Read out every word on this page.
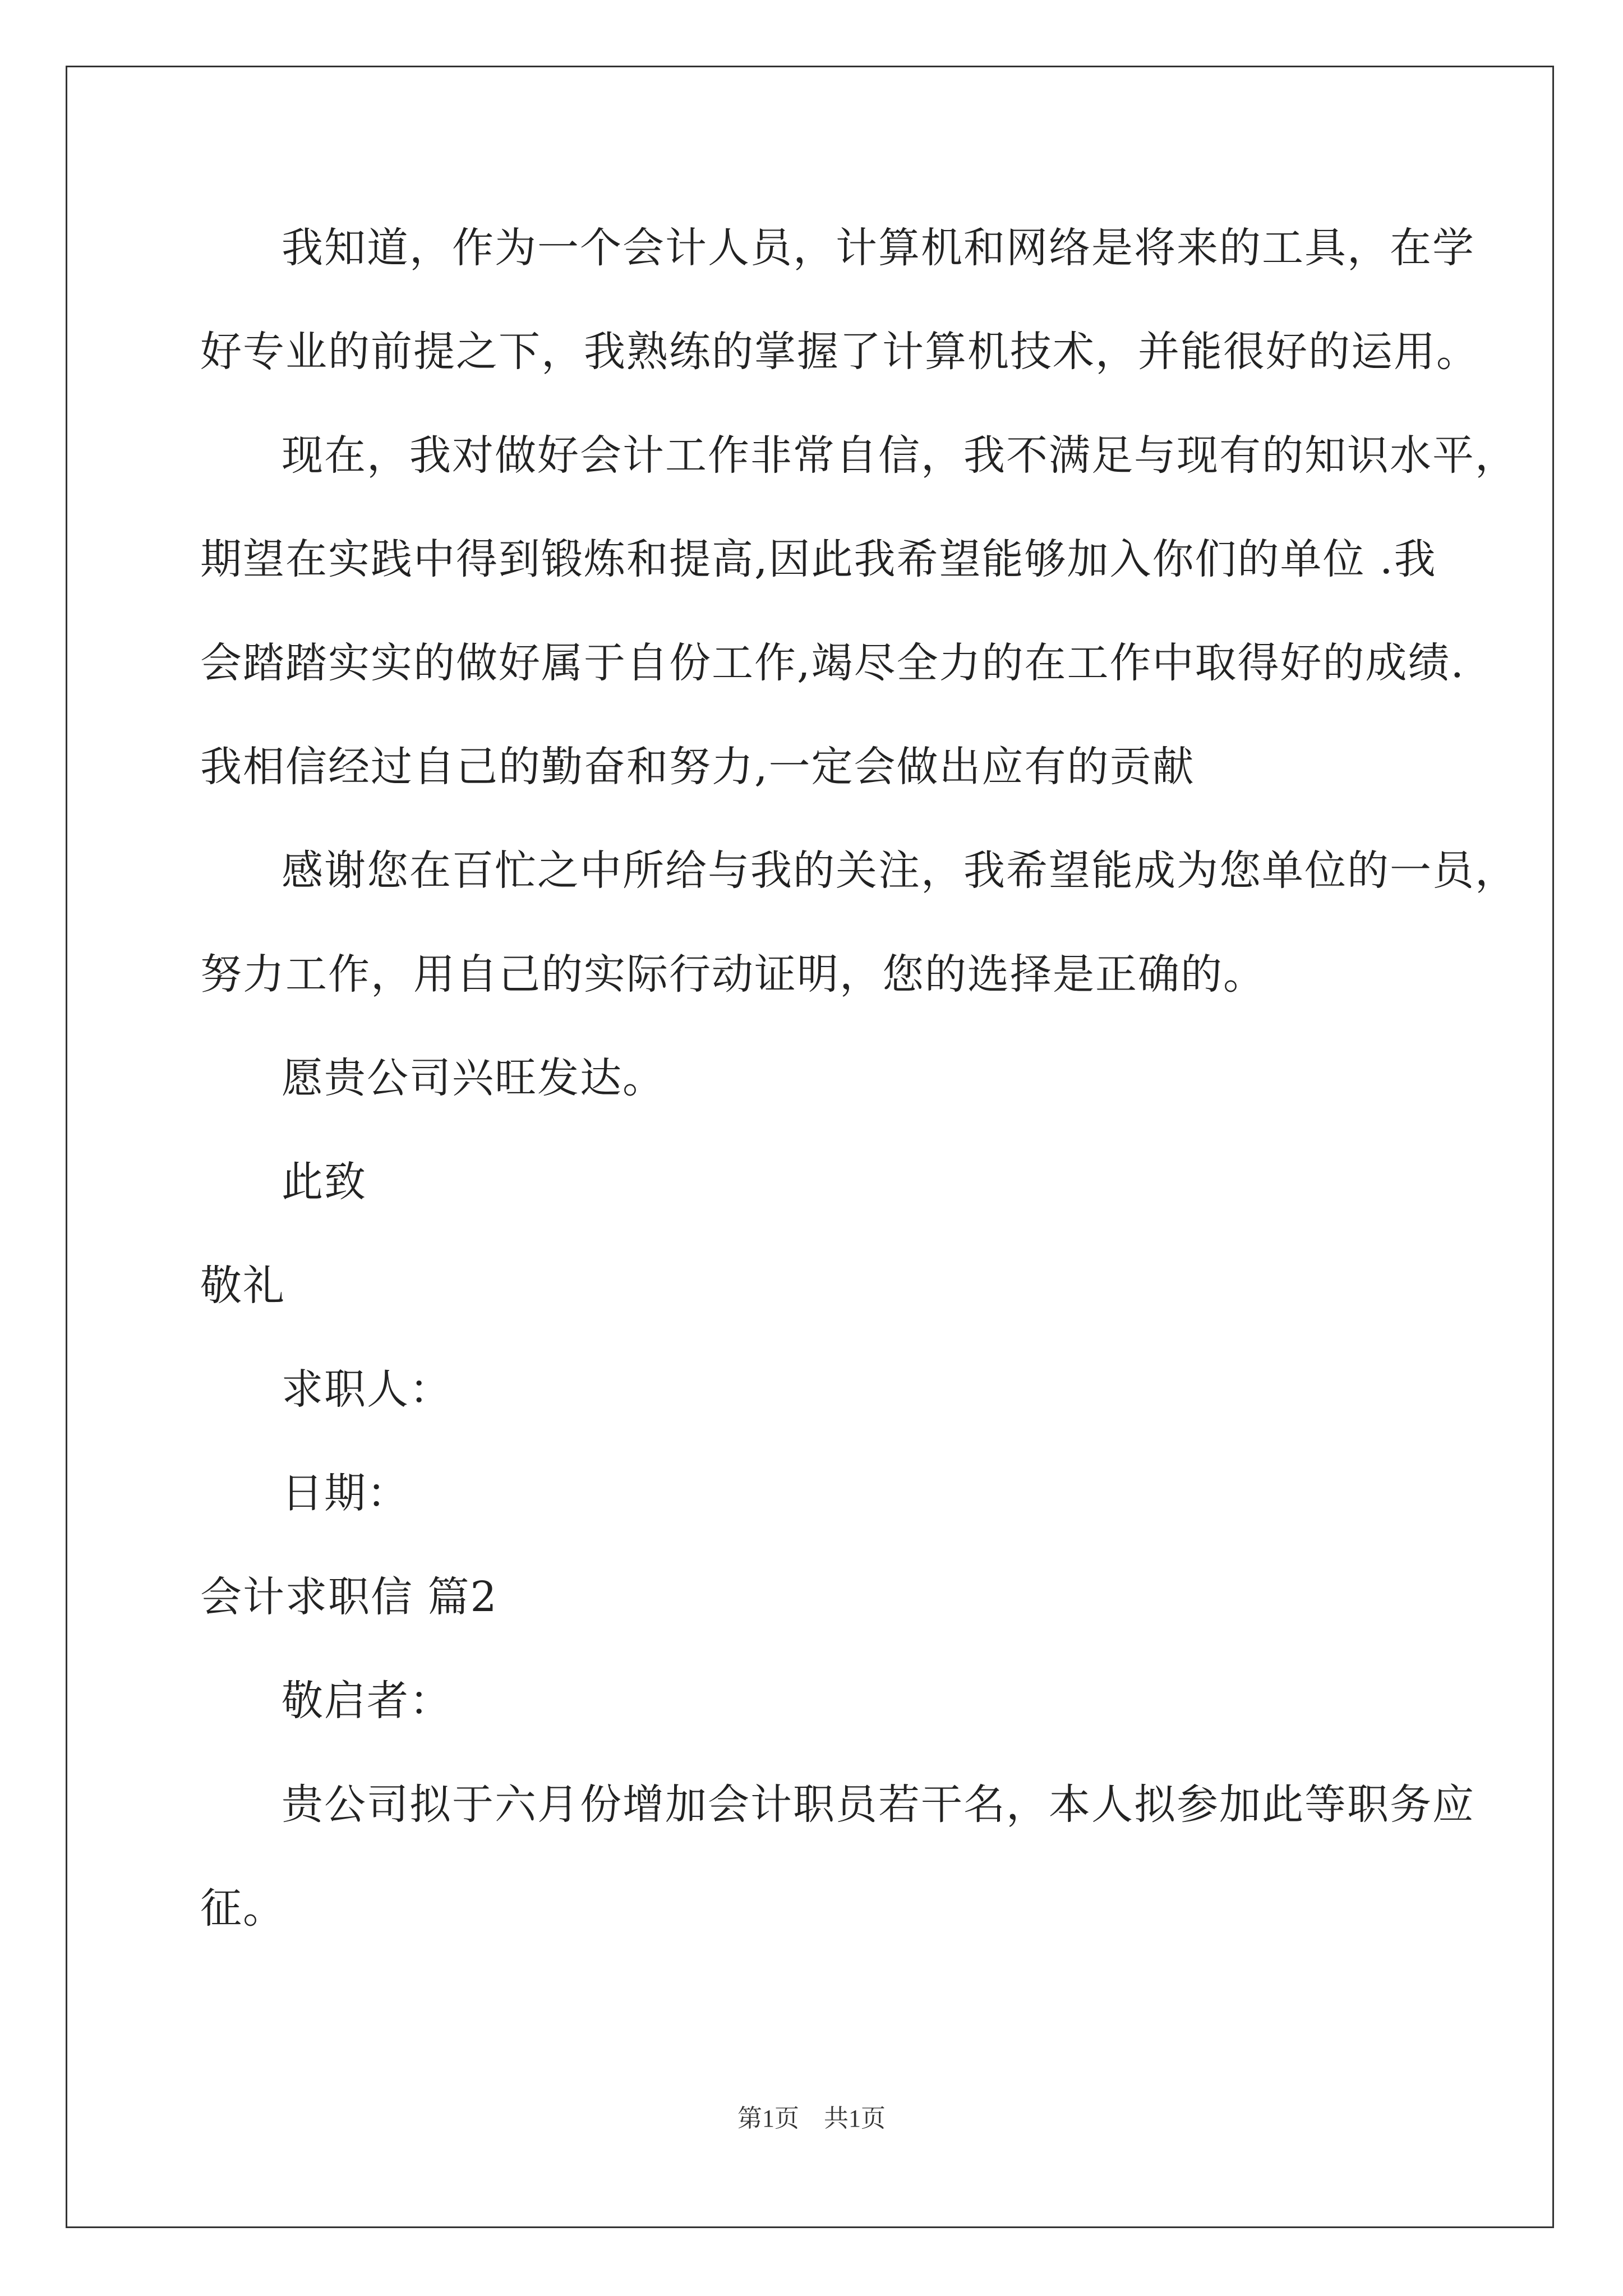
我知道，作为一个会计人员，计算机和网络是将来的工具，在学
好专业的前提之下，我熟练的掌握了计算机技术，并能很好的运用。
现在，我对做好会计工作非常自信，我不满足与现有的知识水平，
期望在实践中得到锻炼和提高,因此我希望能够加入你们的单位 .我
会踏踏实实的做好属于自份工作,竭尽全力的在工作中取得好的成绩.
我相信经过自己的勤奋和努力,一定会做出应有的贡献
感谢您在百忙之中所给与我的关注，我希望能成为您单位的一员，
努力工作，用自己的实际行动证明，您的选择是正确的。
愿贵公司兴旺发达。
此致
敬礼
求职人：
日期：
会计求职信 篇2
敬启者：
贵公司拟于六月份增加会计职员若干名，本人拟参加此等职务应
征。
第1页　共1页
